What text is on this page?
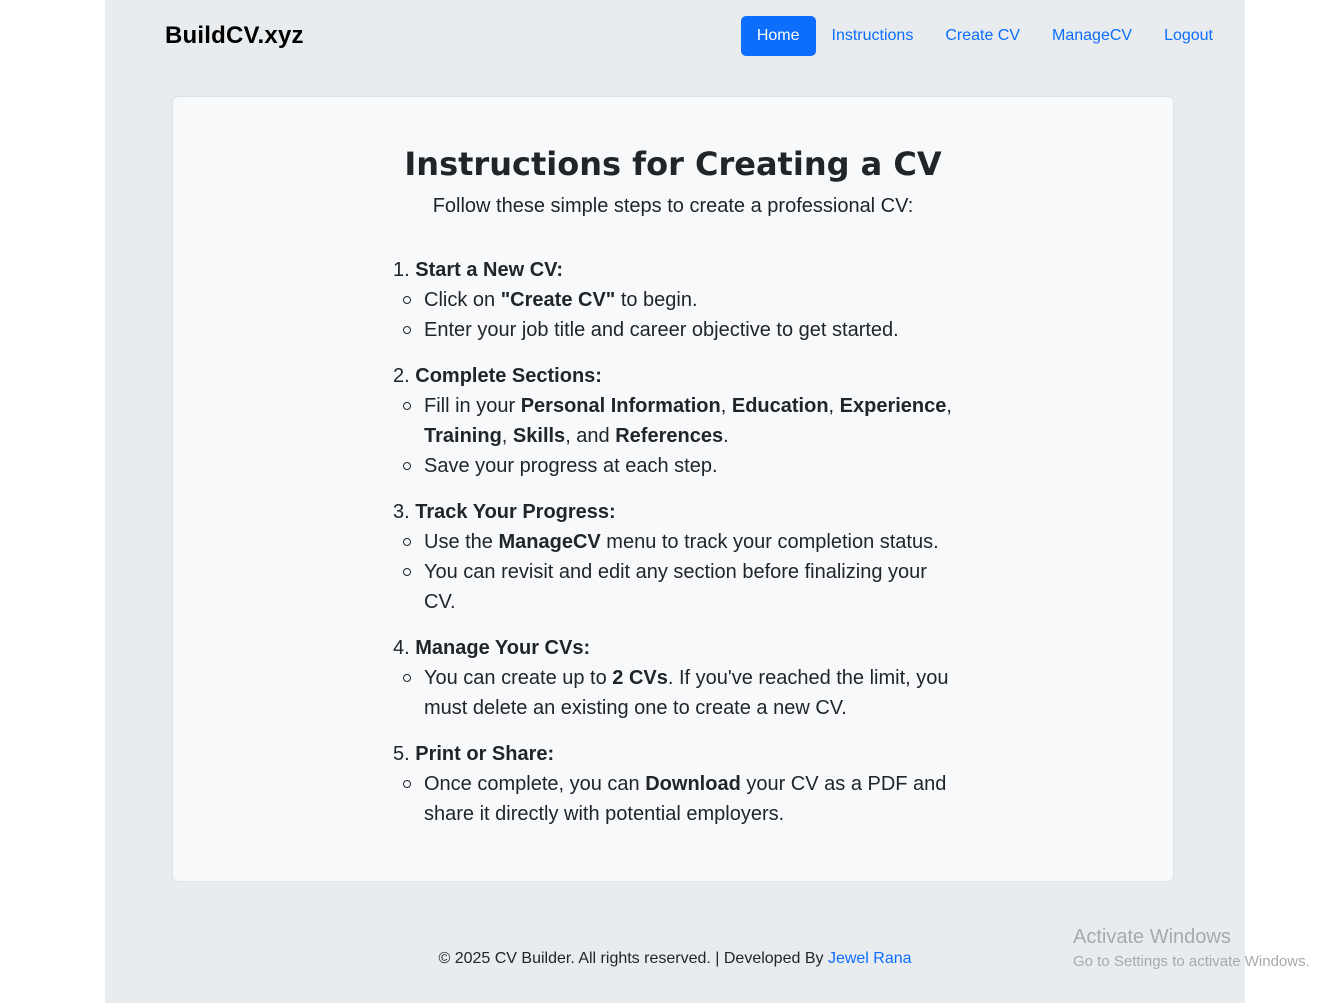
BuildCV.xyz	Home	Instructions	Create CV	ManageCV	Logout
Instructions for Creating a CV

Follow these simple steps to create a professional CV:

1. Start a New CV:
Click on "Create CV" to begin.
Enter your job title and career objective to get started.
2. Complete Sections:
Fill in your Personal Information, Education, Experience, Training, Skills, and References.
Save your progress at each step.
3. Track Your Progress:
Use the ManageCV menu to track your completion status.
You can revisit and edit any section before finalizing your CV.
4. Manage Your CVs:
You can create up to 2 CVs. If you've reached the limit, you must delete an existing one to create a new CV.
5. Print or Share:
Once complete, you can Download your CV as a PDF and share it directly with potential employers.
© 2025 CV Builder. All rights reserved. | Developed By Jewel Rana
Activate Windows
Go to Settings to activate Windows.
